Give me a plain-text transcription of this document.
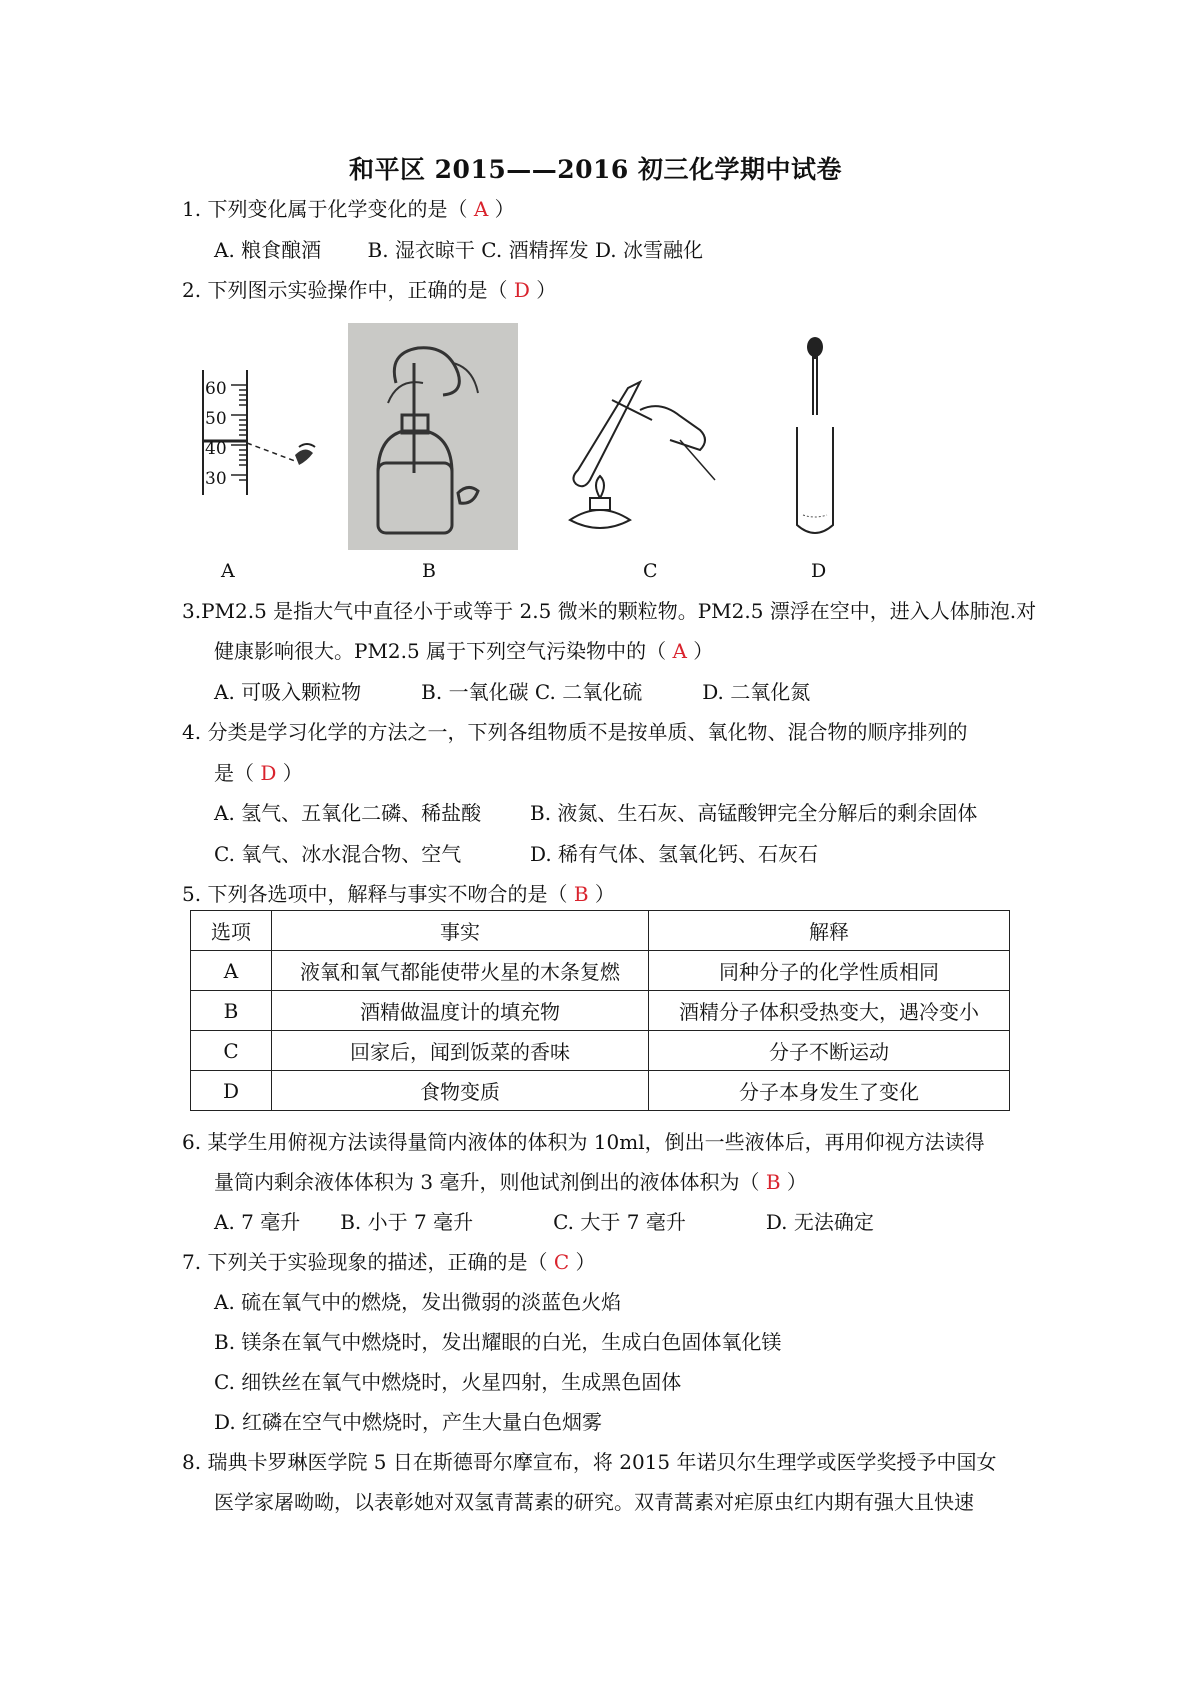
和平区 2015——2016 初三化学期中试卷
1. 下列变化属于化学变化的是（ A ）
A. 粮食酿酒　　 B. 湿衣晾干 C. 酒精挥发 D. 冰雪融化
2. 下列图示实验操作中，正确的是（ D ）
60
50
40
30
A	B	C	D
3.PM2.5 是指大气中直径小于或等于 2.5 微米的颗粒物。PM2.5 漂浮在空中，进入人体肺泡.对
健康影响很大。PM2.5 属于下列空气污染物中的（ A ）
A. 可吸入颗粒物　　　B. 一氧化碳 C. 二氧化硫　　　D. 二氧化氮
4. 分类是学习化学的方法之一，下列各组物质不是按单质、氧化物、混合物的顺序排列的
是（ D ）
A. 氢气、五氧化二磷、稀盐酸 B. 液氮、生石灰、高锰酸钾完全分解后的剩余固体
C. 氧气、冰水混合物、空气	D. 稀有气体、氢氧化钙、石灰石
5. 下列各选项中，解释与事实不吻合的是（ B ）
选项	事实	解释
A	液氧和氧气都能使带火星的木条复燃	同种分子的化学性质相同
B	酒精做温度计的填充物	酒精分子体积受热变大，遇冷变小
C	回家后，闻到饭菜的香味	分子不断运动
D	食物变质	分子本身发生了变化
6. 某学生用俯视方法读得量筒内液体的体积为 10ml，倒出一些液体后，再用仰视方法读得
量筒内剩余液体体积为 3 毫升，则他试剂倒出的液体体积为（ B ）
A. 7 毫升　　B. 小于 7 毫升　　　　C. 大于 7 毫升　　　　D. 无法确定
7. 下列关于实验现象的描述，正确的是（ C ）
A. 硫在氧气中的燃烧，发出微弱的淡蓝色火焰
B. 镁条在氧气中燃烧时，发出耀眼的白光，生成白色固体氧化镁
C. 细铁丝在氧气中燃烧时，火星四射，生成黑色固体
D. 红磷在空气中燃烧时，产生大量白色烟雾
8. 瑞典卡罗琳医学院 5 日在斯德哥尔摩宣布，将 2015 年诺贝尔生理学或医学奖授予中国女
医学家屠呦呦，以表彰她对双氢青蒿素的研究。双青蒿素对疟原虫红内期有强大且快速
